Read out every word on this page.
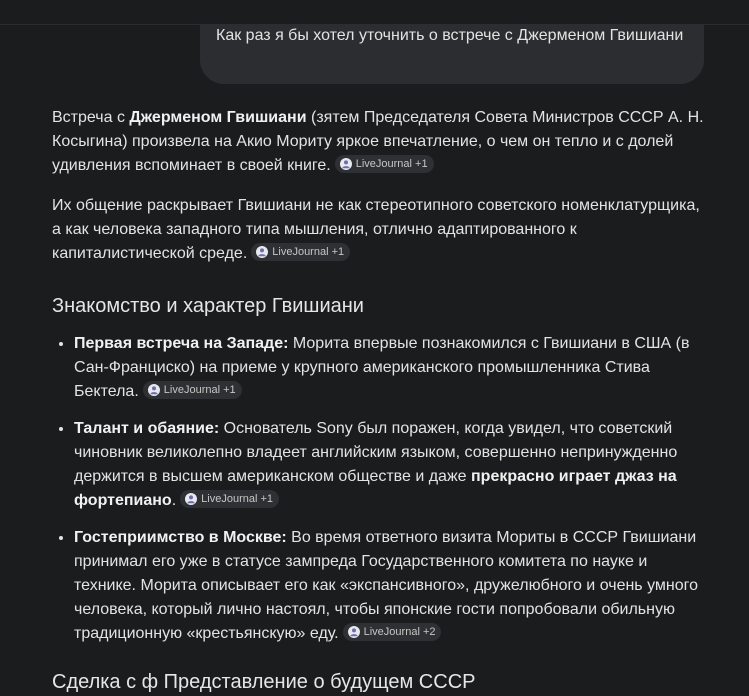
Как раз я бы хотел уточнить о встрече с Джерменом Гвишиани

Встреча с Джерменом Гвишиани (зятем Председателя Совета Министров СССР А. Н. Косыгина) произвела на Акио Мориту яркое впечатление, о чем он тепло и с долей удивления вспоминает в своей книге. LiveJournal +1

Их общение раскрывает Гвишиани не как стереотипного советского номенклатурщика, а как человека западного типа мышления, отлично адаптированного к капиталистической среде. LiveJournal +1

Знакомство и характер Гвишиани
• Первая встреча на Западе: Морита впервые познакомился с Гвишиани в США (в Сан-Франциско) на приеме у крупного американского промышленника Стива Бектела. LiveJournal +1
• Талант и обаяние: Основатель Sony был поражен, когда увидел, что советский чиновник великолепно владеет английским языком, совершенно непринужденно держится в высшем американском обществе и даже прекрасно играет джаз на фортепиано. LiveJournal +1
• Гостеприимство в Москве: Во время ответного визита Мориты в СССР Гвишиани принимал его уже в статусе зампреда Государственного комитета по науке и технике. Морита описывает его как «экспансивного», дружелюбного и очень умного человека, который лично настоял, чтобы японские гости попробовали обильную традиционную «крестьянскую» еду. LiveJournal +2
Сделка с ф Представление о будущем СССР
